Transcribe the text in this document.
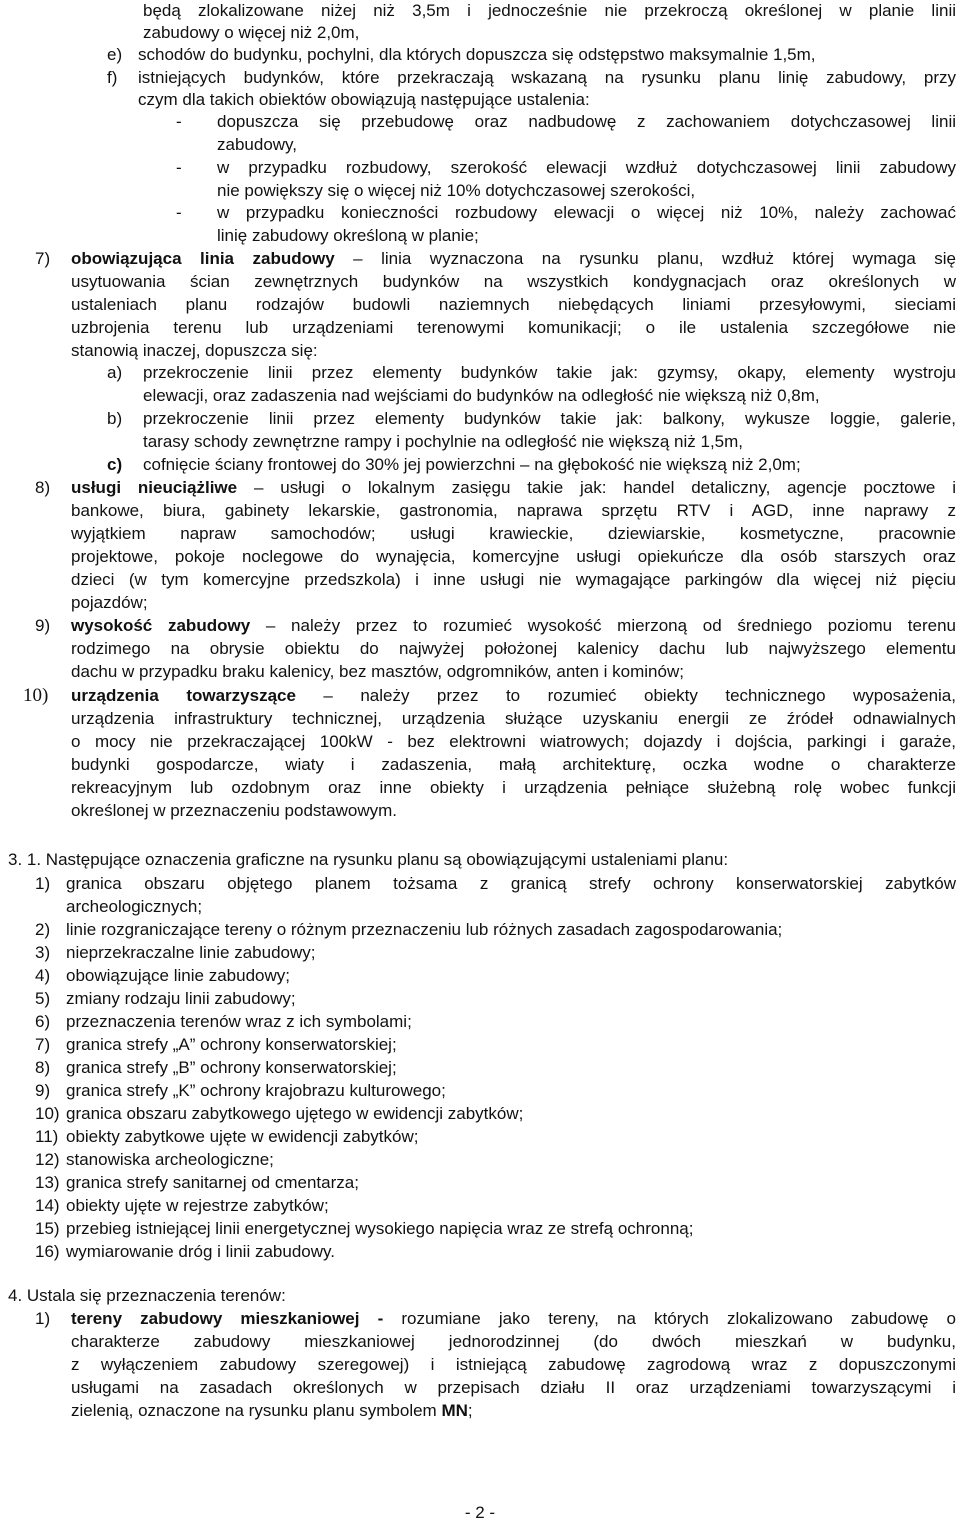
będą zlokalizowane niżej niż 3,5m i jednocześnie nie przekroczą określonej w planie linii
zabudowy o więcej niż 2,0m,
e) schodów do budynku, pochylni, dla których dopuszcza się odstępstwo maksymalnie 1,5m,
f) istniejących budynków, które przekraczają wskazaną na rysunku planu linię zabudowy, przy
czym dla takich obiektów obowiązują następujące ustalenia:
- dopuszcza się przebudowę oraz nadbudowę z zachowaniem dotychczasowej linii
zabudowy,
- w przypadku rozbudowy, szerokość elewacji wzdłuż dotychczasowej linii zabudowy
nie powiększy się o więcej niż 10% dotychczasowej szerokości,
- w przypadku konieczności rozbudowy elewacji o więcej niż 10%, należy zachować
linię zabudowy określoną w planie;
7) obowiązująca linia zabudowy – linia wyznaczona na rysunku planu, wzdłuż której wymaga się
usytuowania ścian zewnętrznych budynków na wszystkich kondygnacjach oraz określonych w
ustaleniach planu rodzajów budowli naziemnych niebędących liniami przesyłowymi, sieciami
uzbrojenia terenu lub urządzeniami terenowymi komunikacji; o ile ustalenia szczegółowe nie
stanowią inaczej, dopuszcza się:
a) przekroczenie linii przez elementy budynków takie jak: gzymsy, okapy, elementy wystroju
elewacji, oraz zadaszenia nad wejściami do budynków na odległość nie większą niż 0,8m,
b) przekroczenie linii przez elementy budynków takie jak: balkony, wykusze loggie, galerie,
tarasy schody zewnętrzne rampy i pochylnie na odległość nie większą niż 1,5m,
c) cofnięcie ściany frontowej do 30% jej powierzchni – na głębokość nie większą niż 2,0m;
8) usługi nieuciążliwe – usługi o lokalnym zasięgu takie jak: handel detaliczny, agencje pocztowe i
bankowe, biura, gabinety lekarskie, gastronomia, naprawa sprzętu RTV i AGD, inne naprawy z
wyjątkiem napraw samochodów; usługi krawieckie, dziewiarskie, kosmetyczne, pracownie
projektowe, pokoje noclegowe do wynajęcia, komercyjne usługi opiekuńcze dla osób starszych oraz
dzieci (w tym komercyjne przedszkola) i inne usługi nie wymagające parkingów dla więcej niż pięciu
pojazdów;
9) wysokość zabudowy – należy przez to rozumieć wysokość mierzoną od średniego poziomu terenu
rodzimego na obrysie obiektu do najwyżej położonej kalenicy dachu lub najwyższego elementu
dachu w przypadku braku kalenicy, bez masztów, odgromników, anten i kominów;
10) urządzenia towarzyszące – należy przez to rozumieć obiekty technicznego wyposażenia,
urządzenia infrastruktury technicznej, urządzenia służące uzyskaniu energii ze źródeł odnawialnych
o mocy nie przekraczającej 100kW - bez elektrowni wiatrowych; dojazdy i dojścia, parkingi i garaże,
budynki gospodarcze, wiaty i zadaszenia, małą architekturę, oczka wodne o charakterze
rekreacyjnym lub ozdobnym oraz inne obiekty i urządzenia pełniące służebną rolę wobec funkcji
określonej w przeznaczeniu podstawowym.
3. 1. Następujące oznaczenia graficzne na rysunku planu są obowiązującymi ustaleniami planu:
1) granica obszaru objętego planem tożsama z granicą strefy ochrony konserwatorskiej zabytków
archeologicznych;
2) linie rozgraniczające tereny o różnym przeznaczeniu lub różnych zasadach zagospodarowania;
3) nieprzekraczalne linie zabudowy;
4) obowiązujące linie zabudowy;
5) zmiany rodzaju linii zabudowy;
6) przeznaczenia terenów wraz z ich symbolami;
7) granica strefy „A” ochrony konserwatorskiej;
8) granica strefy „B” ochrony konserwatorskiej;
9) granica strefy „K” ochrony krajobrazu kulturowego;
10) granica obszaru zabytkowego ujętego w ewidencji zabytków;
11) obiekty zabytkowe ujęte w ewidencji zabytków;
12) stanowiska archeologiczne;
13) granica strefy sanitarnej od cmentarza;
14) obiekty ujęte w rejestrze zabytków;
15) przebieg istniejącej linii energetycznej wysokiego napięcia wraz ze strefą ochronną;
16) wymiarowanie dróg i linii zabudowy.
4. Ustala się przeznaczenia terenów:
1) tereny zabudowy mieszkaniowej - rozumiane jako tereny, na których zlokalizowano zabudowę o
charakterze zabudowy mieszkaniowej jednorodzinnej (do dwóch mieszkań w budynku,
z wyłączeniem zabudowy szeregowej) i istniejącą zabudowę zagrodową wraz z dopuszczonymi
usługami na zasadach określonych w przepisach działu II oraz urządzeniami towarzyszącymi i
zielenią, oznaczone na rysunku planu symbolem MN;
- 2 -
